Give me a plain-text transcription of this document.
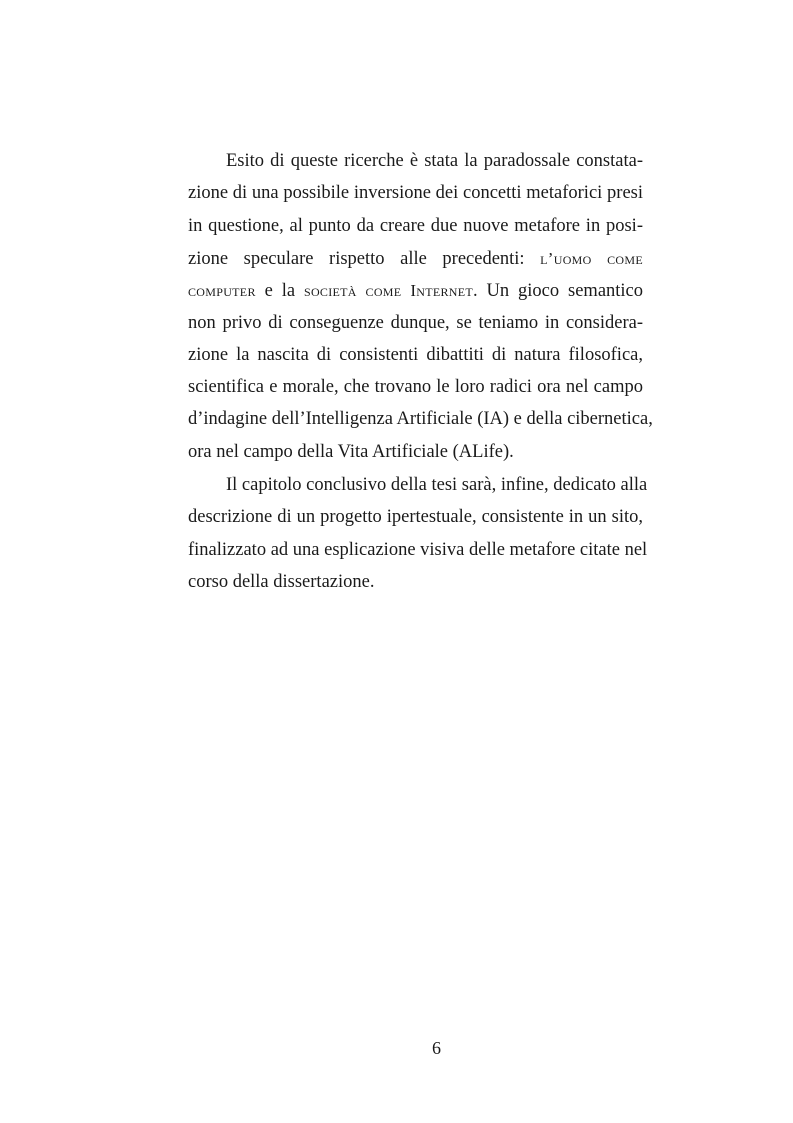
Esito di queste ricerche è stata la paradossale constata-
zione di una possibile inversione dei concetti metaforici presi
in questione, al punto da creare due nuove metafore in posi-
zione speculare rispetto alle precedenti: l’uomo come
computer e la società come Internet. Un gioco semantico
non privo di conseguenze dunque, se teniamo in considera-
zione la nascita di consistenti dibattiti di natura filosofica,
scientifica e morale, che trovano le loro radici ora nel campo
d’indagine dell’Intelligenza Artificiale (IA) e della cibernetica,
ora nel campo della Vita Artificiale (ALife).
Il capitolo conclusivo della tesi sarà, infine, dedicato alla
descrizione di un progetto ipertestuale, consistente in un sito,
finalizzato ad una esplicazione visiva delle metafore citate nel
corso della dissertazione.
6
